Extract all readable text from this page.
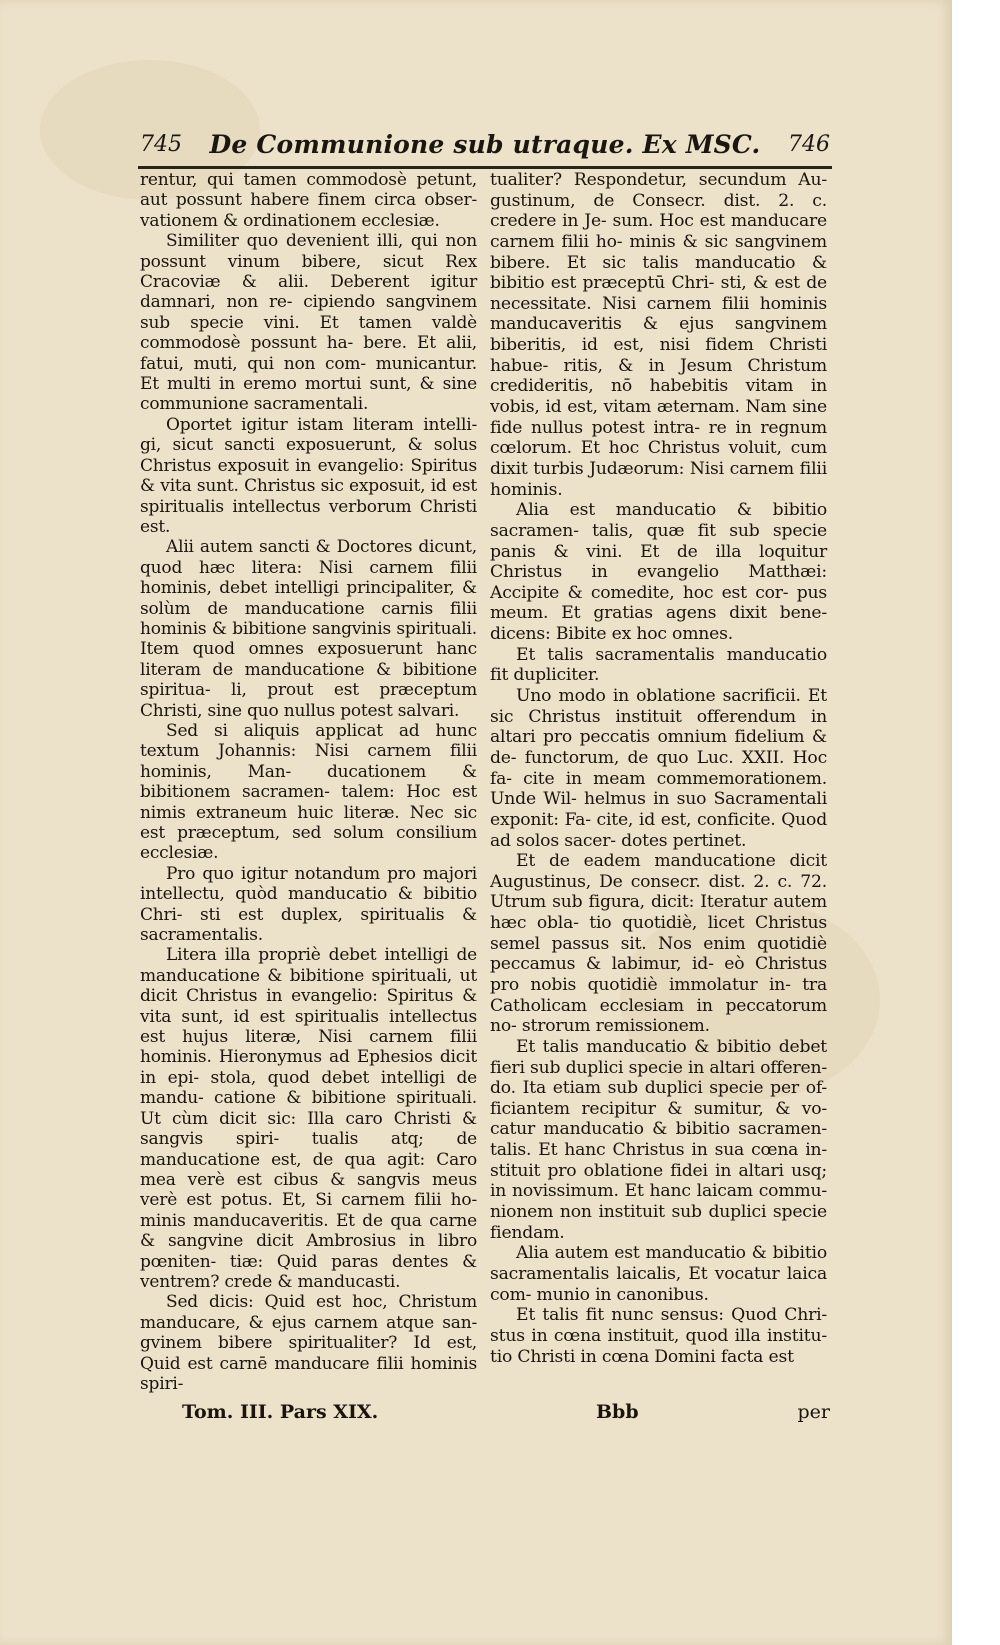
745	De Communione sub utraque. Ex MSC.	746

rentur, qui tamen commodosè petunt, aut possunt habere finem circa obser- vationem & ordinationem ecclesiæ.

Similiter quo devenient illi, qui non possunt vinum bibere, sicut Rex Cracoviæ & alii. Deberent igitur damnari, non re- cipiendo sangvinem sub specie vini. Et tamen valdè commodosè possunt ha- bere. Et alii, fatui, muti, qui non com- municantur. Et multi in eremo mortui sunt, & sine communione sacramentali.

Oportet igitur istam literam intelli- gi, sicut sancti exposuerunt, & solus Christus exposuit in evangelio: Spiritus & vita sunt. Christus sic exposuit, id est spiritualis intellectus verborum Christi est.

Alii autem sancti & Doctores dicunt, quod hæc litera: Nisi carnem filii hominis, debet intelligi principaliter, & solùm de manducatione carnis filii hominis & bibitione sangvinis spirituali. Item quod omnes exposuerunt hanc literam de manducatione & bibitione spiritua- li, prout est præceptum Christi, sine quo nullus potest salvari.

Sed si aliquis applicat ad hunc textum Johannis: Nisi carnem filii hominis, Man- ducationem & bibitionem sacramen- talem: Hoc est nimis extraneum huic literæ. Nec sic est præceptum, sed solum consilium ecclesiæ.

Pro quo igitur notandum pro majori intellectu, quòd manducatio & bibitio Chri- sti est duplex, spiritualis & sacramentalis.

Litera illa propriè debet intelligi de manducatione & bibitione spirituali, ut dicit Christus in evangelio: Spiritus & vita sunt, id est spiritualis intellectus est hujus literæ, Nisi carnem filii hominis. Hieronymus ad Ephesios dicit in epi- stola, quod debet intelligi de mandu- catione & bibitione spirituali. Ut cùm dicit sic: Illa caro Christi & sangvis spiri- tualis atq; de manducatione est, de qua agit: Caro mea verè est cibus & sangvis meus verè est potus. Et, Si carnem filii ho- minis manducaveritis. Et de qua carne & sangvine dicit Ambrosius in libro pœniten- tiæ: Quid paras dentes & ventrem? crede & manducasti.

Sed dicis: Quid est hoc, Christum manducare, & ejus carnem atque san- gvinem bibere spiritualiter? Id est, Quid est carnē manducare filii hominis spiri-

tualiter? Respondetur, secundum Au- gustinum, de Consecr. dist. 2. c. credere in Je- sum. Hoc est manducare carnem filii ho- minis & sic sangvinem bibere. Et sic talis manducatio & bibitio est præceptū Chri- sti, & est de necessitate. Nisi carnem filii hominis manducaveritis & ejus sangvinem biberitis, id est, nisi fidem Christi habue- ritis, & in Jesum Christum credideritis, nō habebitis vitam in vobis, id est, vitam æternam. Nam sine fide nullus potest intra- re in regnum cœlorum. Et hoc Christus voluit, cum dixit turbis Judæorum: Nisi carnem filii hominis.

Alia est manducatio & bibitio sacramen- talis, quæ fit sub specie panis & vini. Et de illa loquitur Christus in evangelio Matthæi: Accipite & comedite, hoc est cor- pus meum. Et gratias agens dixit bene- dicens: Bibite ex hoc omnes.

Et talis sacramentalis manducatio fit dupliciter.

Uno modo in oblatione sacrificii. Et sic Christus instituit offerendum in altari pro peccatis omnium fidelium & de- functorum, de quo Luc. XXII. Hoc fa- cite in meam commemorationem. Unde Wil- helmus in suo Sacramentali exponit: Fa- cite, id est, conficite. Quod ad solos sacer- dotes pertinet.

Et de eadem manducatione dicit Augustinus, De consecr. dist. 2. c. 72. Utrum sub figura, dicit: Iteratur autem hæc obla- tio quotidiè, licet Christus semel passus sit. Nos enim quotidiè peccamus & labimur, id- eò Christus pro nobis quotidiè immolatur in- tra Catholicam ecclesiam in peccatorum no- strorum remissionem.

Et talis manducatio & bibitio debet fieri sub duplici specie in altari offeren- do. Ita etiam sub duplici specie per of- ficiantem recipitur & sumitur, & vo- catur manducatio & bibitio sacramen- talis. Et hanc Christus in sua cœna in- stituit pro oblatione fidei in altari usq; in novissimum. Et hanc laicam commu- nionem non instituit sub duplici specie fiendam.

Alia autem est manducatio & bibitio sacramentalis laicalis, Et vocatur laica com- munio in canonibus.

Et talis fit nunc sensus: Quod Chri- stus in cœna instituit, quod illa institu- tio Christi in cœna Domini facta est

Tom. III. Pars XIX.	Bbb	per
